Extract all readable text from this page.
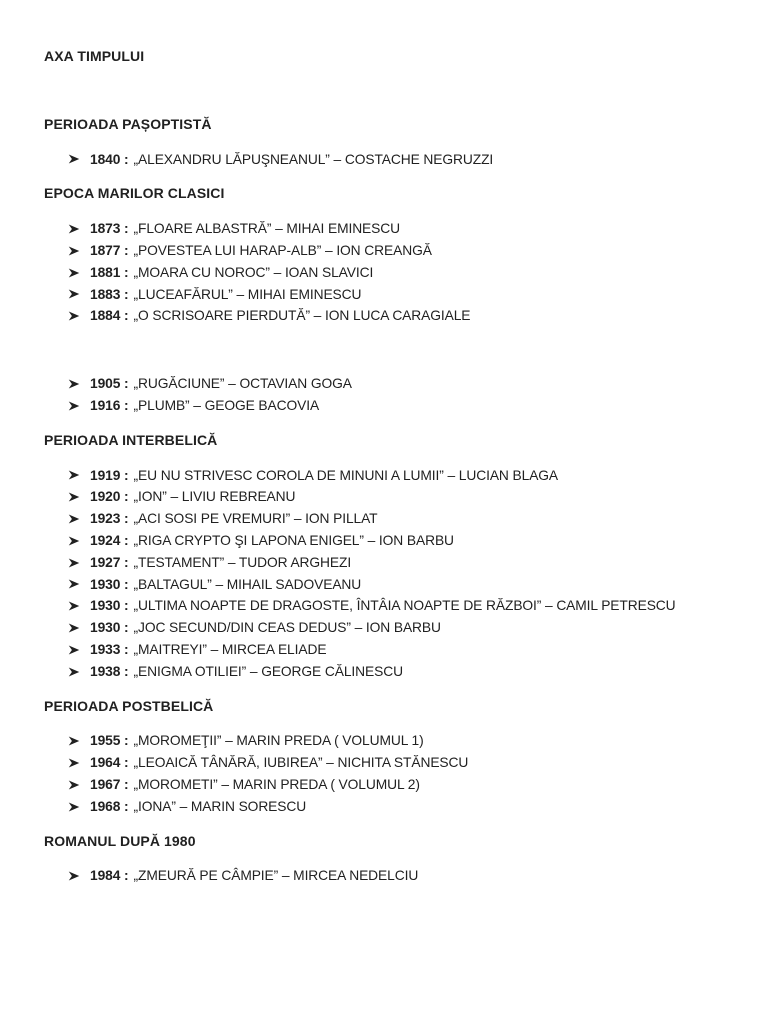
AXA TIMPULUI
PERIOADA PAȘOPTISTĂ
1840 : „ALEXANDRU LĂPUŞNEANUL” – COSTACHE NEGRUZZI
EPOCA MARILOR CLASICI
1873 : „FLOARE ALBASTRĂ” – MIHAI EMINESCU
1877 : „POVESTEA LUI HARAP-ALB” – ION CREANGĂ
1881 : „MOARA CU NOROC” – IOAN SLAVICI
1883 : „LUCEAFĂRUL” – MIHAI EMINESCU
1884 : „O SCRISOARE PIERDUTĂ” – ION LUCA CARAGIALE
1905 : „RUGĂCIUNE” – OCTAVIAN GOGA
1916 : „PLUMB” – GEOGE BACOVIA
PERIOADA INTERBELICĂ
1919 : „EU NU STRIVESC COROLA DE MINUNI A LUMII” – LUCIAN BLAGA
1920 : „ION” – LIVIU REBREANU
1923 : „ACI SOSI PE VREMURI” – ION PILLAT
1924 : „RIGA CRYPTO ŞI LAPONA ENIGEL” – ION BARBU
1927 : „TESTAMENT” – TUDOR ARGHEZI
1930 : „BALTAGUL” – MIHAIL SADOVEANU
1930 : „ULTIMA NOAPTE DE DRAGOSTE, ÎNTÂIA NOAPTE DE RĂZBOI” – CAMIL PETRESCU
1930 : „JOC SECUND/DIN CEAS DEDUS” – ION BARBU
1933 : „MAITREYI” – MIRCEA ELIADE
1938 : „ENIGMA OTILIEI” – GEORGE CĂLINESCU
PERIOADA POSTBELICĂ
1955 : „MOROMEŢII” – MARIN PREDA ( VOLUMUL 1)
1964 : „LEOAICĂ TÂNĂRĂ, IUBIREA” – NICHITA STĂNESCU
1967 : „MOROMETI” – MARIN PREDA ( VOLUMUL 2)
1968 : „IONA” – MARIN SORESCU
ROMANUL DUPĂ 1980
1984 : „ZMEURĂ PE CÂMPIE” – MIRCEA NEDELCIU
